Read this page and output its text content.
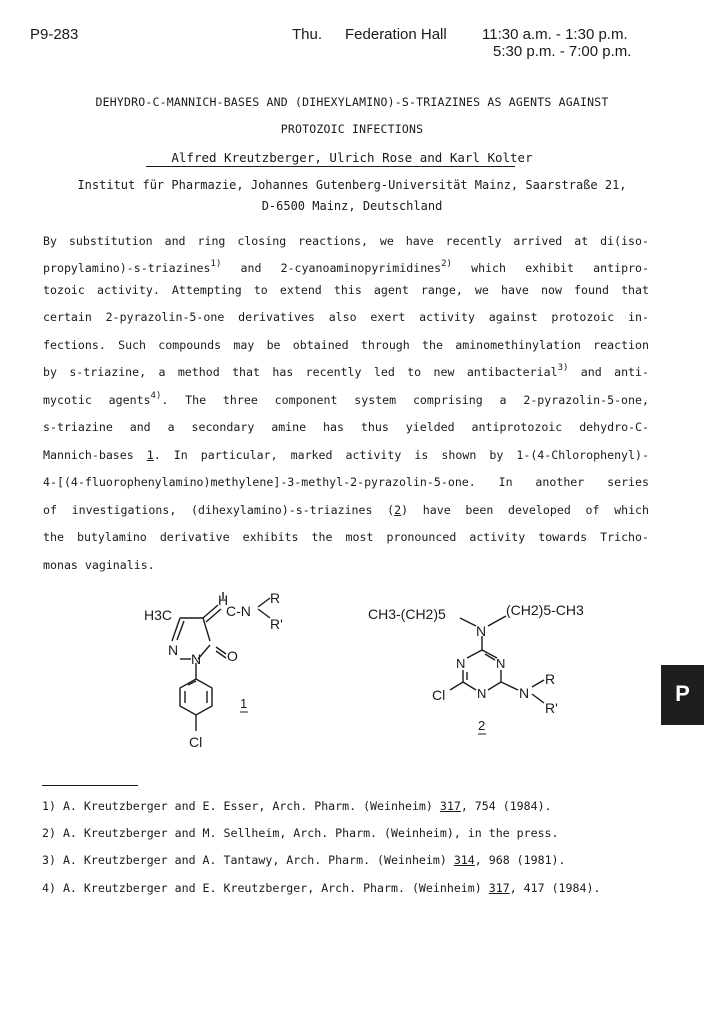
P9-283	Thu. Federation Hall 11:30 a.m. - 1:30 p.m.
5:30 p.m. - 7:00 p.m.
DEHYDRO-C-MANNICH-BASES AND (DIHEXYLAMINO)-S-TRIAZINES AS AGENTS AGAINST
PROTOZOIC INFECTIONS
Alfred Kreutzberger, Ulrich Rose and Karl Kolter
Institut für Pharmazie, Johannes Gutenberg-Universität Mainz, Saarstraße 21,
D-6500 Mainz, Deutschland
By substitution and ring closing reactions, we have recently arrived at di(iso-
propylamino)-s-triazines$^{1)}$ and 2-cyanoaminopyrimidines$^{2)}$ which exhibit antipro-
tozoic activity. Attempting to extend this agent range, we have now found that
certain 2-pyrazolin-5-one derivatives also exert activity against protozoic in-
fections. Such compounds may be obtained through the aminomethinylation reaction
by s-triazine, a method that has recently led to new antibacterial$^{3)}$ and anti-
mycotic agents$^{4)}$. The three component system comprising a 2-pyrazolin-5-one,
s-triazine and a secondary amine has thus yielded antiprotozoic dehydro-C-
Mannich-bases 1. In particular, marked activity is shown by 1-(4-Chlorophenyl)-
4-[(4-fluorophenylamino)methylene]-3-methyl-2-pyrazolin-5-one. In another series
of investigations, (dihexylamino)-s-triazines (2) have been developed of which
the butylamino derivative exhibits the most pronounced activity towards Tricho-
monas vaginalis.
H3C
H
C-N
R
R'
N
N O
Cl
1
CH3-(CH2)5	(CH2)5-CH3
N
N N
N
Cl	N
R
R'
2
1) A. Kreutzberger and E. Esser, Arch. Pharm. (Weinheim) 317, 754 (1984).
2) A. Kreutzberger and M. Sellheim, Arch. Pharm. (Weinheim), in the press.
3) A. Kreutzberger and A. Tantawy, Arch. Pharm. (Weinheim) 314, 968 (1981).
4) A. Kreutzberger and E. Kreutzberger, Arch. Pharm. (Weinheim) 317, 417 (1984).
P
